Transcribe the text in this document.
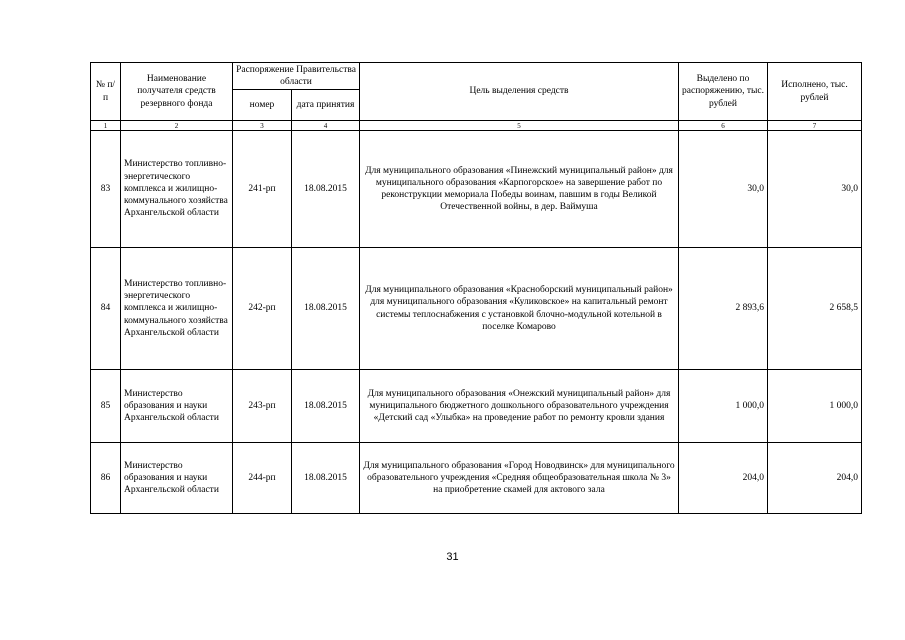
№ п/п	Наименование получателя средств резервного фонда	Распоряжение Правительства области		Цель выделения средств	Выделено по распоряжению, тыс. рублей	Исполнено, тыс. рублей
		номер	дата принятия			
1	2	3	4	5	6	7
83	Министерство топливно-энергетического комплекса и жилищно-коммунального хозяйства Архангельской области	241-рп	18.08.2015	Для муниципального образования «Пинежский муниципальный район» для муниципального образования «Карпогорское» на завершение работ по реконструкции мемориала Победы воинам, павшим в годы Великой Отечественной войны, в дер. Ваймуша	30,0	30,0
84	Министерство топливно-энергетического комплекса и жилищно-коммунального хозяйства Архангельской области	242-рп	18.08.2015	Для муниципального образования «Красноборский муниципальный район» для муниципального образования «Куликовское» на капитальный ремонт системы теплоснабжения с установкой блочно-модульной котельной в поселке Комарово	2 893,6	2 658,5
85	Министерство образования и науки Архангельской области	243-рп	18.08.2015	Для муниципального образования «Онежский муниципальный район» для муниципального бюджетного дошкольного образовательного учреждения «Детский сад «Улыбка» на проведение работ по ремонту кровли здания	1 000,0	1 000,0
86	Министерство образования и науки Архангельской области	244-рп	18.08.2015	Для муниципального образования «Город Новодвинск» для муниципального образовательного учреждения «Средняя общеобразовательная школа № 3» на приобретение скамей для актового зала	204,0	204,0
31
